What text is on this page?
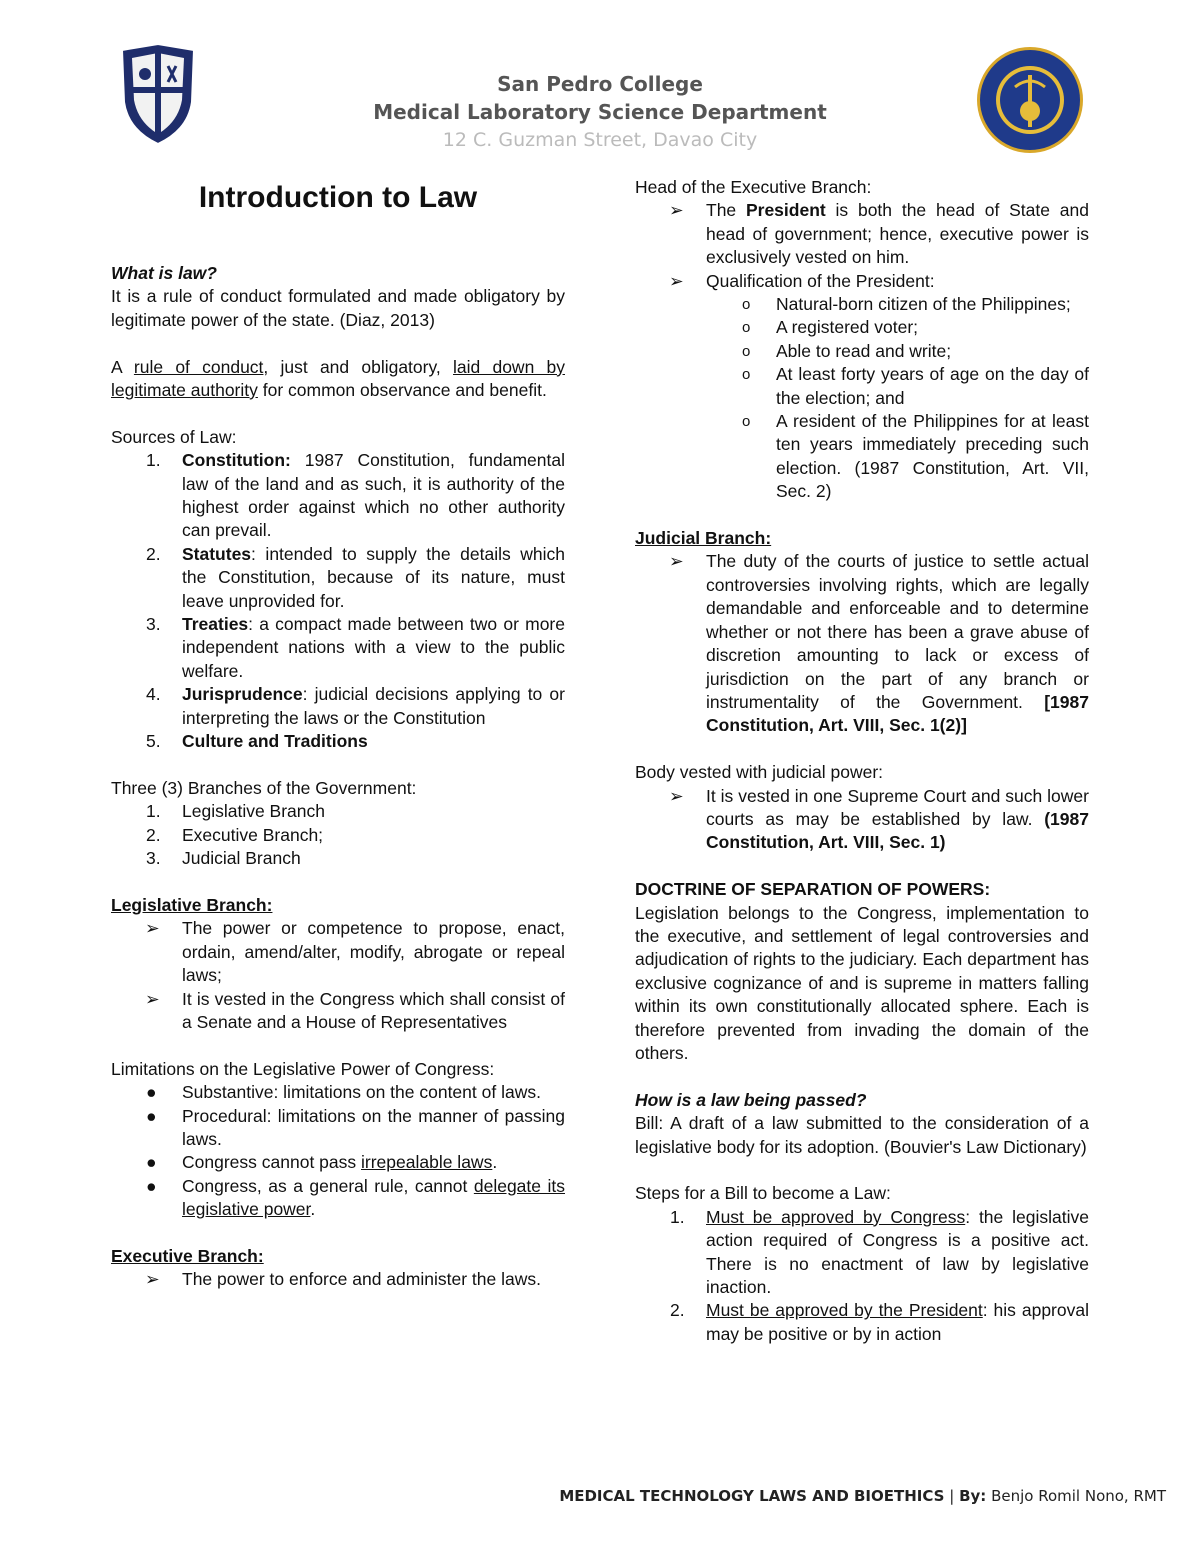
San Pedro College
Medical Laboratory Science Department
12 C. Guzman Street, Davao City
Introduction to Law

What is law?

It is a rule of conduct formulated and made obligatory by legitimate power of the state. (Diaz, 2013)

A rule of conduct, just and obligatory, laid down by legitimate authority for common observance and benefit.

Sources of Law:

1. Constitution: 1987 Constitution, fundamental law of the land and as such, it is authority of the highest order against which no other authority can prevail.
2. Statutes: intended to supply the details which the Constitution, because of its nature, must leave unprovided for.
3. Treaties: a compact made between two or more independent nations with a view to the public welfare.
4. Jurisprudence: judicial decisions applying to or interpreting the laws or the Constitution
5. Culture and Traditions

Three (3) Branches of the Government:

1. Legislative Branch
2. Executive Branch;
3. Judicial Branch

Legislative Branch:

➢ The power or competence to propose, enact, ordain, amend/alter, modify, abrogate or repeal laws;
➢ It is vested in the Congress which shall consist of a Senate and a House of Representatives

Limitations on the Legislative Power of Congress:

● Substantive: limitations on the content of laws.
● Procedural: limitations on the manner of passing laws.
● Congress cannot pass irrepealable laws.
● Congress, as a general rule, cannot delegate its legislative power.

Executive Branch:

➢ The power to enforce and administer the laws.

Head of the Executive Branch:

➢ The President is both the head of State and head of government; hence, executive power is exclusively vested on him.
➢ Qualification of the President:
o Natural-born citizen of the Philippines;
o A registered voter;
o Able to read and write;
o At least forty years of age on the day of the election; and
o A resident of the Philippines for at least ten years immediately preceding such election. (1987 Constitution, Art. VII, Sec. 2)

Judicial Branch:

➢ The duty of the courts of justice to settle actual controversies involving rights, which are legally demandable and enforceable and to determine whether or not there has been a grave abuse of discretion amounting to lack or excess of jurisdiction on the part of any branch or instrumentality of the Government. [1987 Constitution, Art. VIII, Sec. 1(2)]

Body vested with judicial power:

➢ It is vested in one Supreme Court and such lower courts as may be established by law. (1987 Constitution, Art. VIII, Sec. 1)

DOCTRINE OF SEPARATION OF POWERS:

Legislation belongs to the Congress, implementation to the executive, and settlement of legal controversies and adjudication of rights to the judiciary. Each department has exclusive cognizance of and is supreme in matters falling within its own constitutionally allocated sphere. Each is therefore prevented from invading the domain of the others.

How is a law being passed?

Bill: A draft of a law submitted to the consideration of a legislative body for its adoption. (Bouvier's Law Dictionary)

Steps for a Bill to become a Law:

1. Must be approved by Congress: the legislative action required of Congress is a positive act. There is no enactment of law by legislative inaction.
2. Must be approved by the President: his approval may be positive or by in action
MEDICAL TECHNOLOGY LAWS AND BIOETHICS | By: Benjo Romil Nono, RMT
